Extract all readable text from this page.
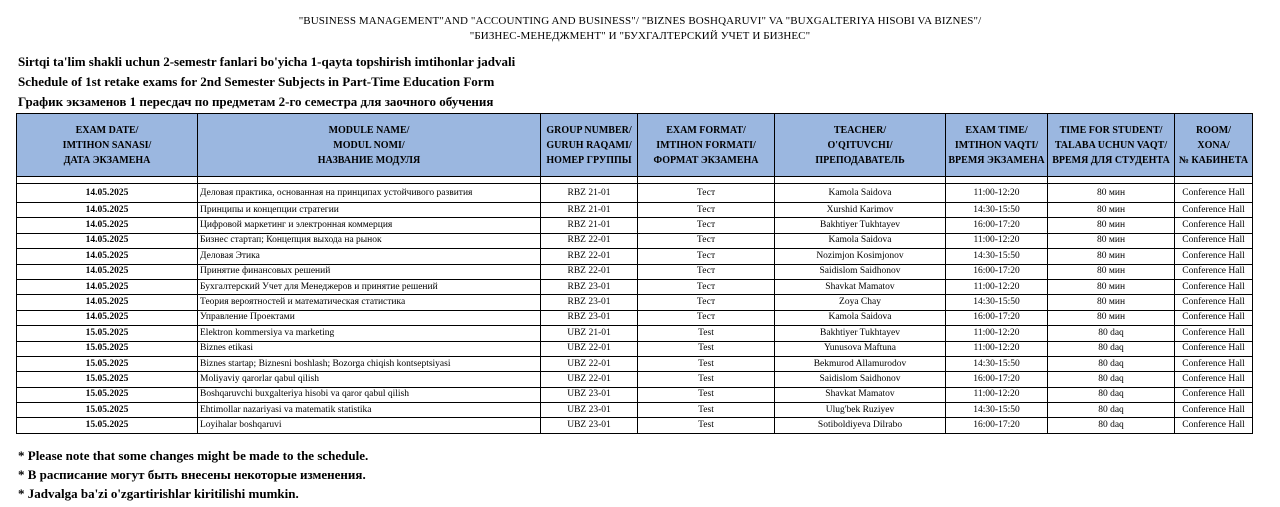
"BUSINESS MANAGEMENT"AND "ACCOUNTING AND BUSINESS"/ "BIZNES BOSHQARUVI" VA "BUXGALTERIYA HISOBI VA BIZNES"/
"БИЗНЕС-МЕНЕДЖМЕНТ" И "БУХГАЛТЕРСКИЙ УЧЕТ И БИЗНЕС"
Sirtqi ta'lim shakli uchun 2-semestr fanlari bo'yicha 1-qayta topshirish imtihonlar jadvali
Schedule of 1st retake exams for 2nd Semester Subjects in Part-Time Education Form
График экзаменов 1 пересдач по предметам 2-го семестра для заочного обучения
EXAM DATE/
IMTIHON SANASI/
ДАТА ЭКЗАМЕНА	MODULE NAME/
MODUL NOMI/
НАЗВАНИЕ МОДУЛЯ	GROUP NUMBER/
GURUH RAQAMI/
НОМЕР ГРУППЫ	EXAM FORMAT/
IMTIHON FORMATI/
ФОРМАТ ЭКЗАМЕНА	TEACHER/
O'QITUVCHI/
ПРЕПОДАВАТЕЛЬ	EXAM TIME/
IMTIHON VAQTI/
ВРЕМЯ ЭКЗАМЕНА	TIME FOR STUDENT/
TALABA UCHUN VAQT/
ВРЕМЯ ДЛЯ СТУДЕНТА	ROOM/
XONA/
№ КАБИНЕТА

14.05.2025	Деловая практика, основанная на принципах устойчивого развития	RBZ 21-01	Тест	Kamola Saidova	11:00-12:20	80 мин	Conference Hall
14.05.2025	Принципы и концепции стратегии	RBZ 21-01	Тест	Xurshid Karimov	14:30-15:50	80 мин	Conference Hall
14.05.2025	Цифровой маркетинг и электронная коммерция	RBZ 21-01	Тест	Bakhtiyer Tukhtayev	16:00-17:20	80 мин	Conference Hall
14.05.2025	Бизнес стартап; Концепция выхода на рынок	RBZ 22-01	Тест	Kamola Saidova	11:00-12:20	80 мин	Conference Hall
14.05.2025	Деловая Этика	RBZ 22-01	Тест	Nozimjon Kosimjonov	14:30-15:50	80 мин	Conference Hall
14.05.2025	Принятие финансовых решений	RBZ 22-01	Тест	Saidislom Saidhonov	16:00-17:20	80 мин	Conference Hall
14.05.2025	Бухгалтерский Учет для Менеджеров и принятие решений	RBZ 23-01	Тест	Shavkat Mamatov	11:00-12:20	80 мин	Conference Hall
14.05.2025	Теория вероятностей и математическая статистика	RBZ 23-01	Тест	Zoya Chay	14:30-15:50	80 мин	Conference Hall
14.05.2025	Управление Проектами	RBZ 23-01	Тест	Kamola Saidova	16:00-17:20	80 мин	Conference Hall
15.05.2025	Elektron kommersiya va marketing	UBZ 21-01	Test	Bakhtiyer Tukhtayev	11:00-12:20	80 daq	Conference Hall
15.05.2025	Biznes etikasi	UBZ 22-01	Test	Yunusova Maftuna	11:00-12:20	80 daq	Conference Hall
15.05.2025	Biznes startap; Biznesni boshlash; Bozorga chiqish kontseptsiyasi	UBZ 22-01	Test	Bekmurod Allamurodov	14:30-15:50	80 daq	Conference Hall
15.05.2025	Moliyaviy qarorlar qabul qilish	UBZ 22-01	Test	Saidislom Saidhonov	16:00-17:20	80 daq	Conference Hall
15.05.2025	Boshqaruvchi buxgalteriya hisobi va qaror qabul qilish	UBZ 23-01	Test	Shavkat Mamatov	11:00-12:20	80 daq	Conference Hall
15.05.2025	Ehtimollar nazariyasi va matematik statistika	UBZ 23-01	Test	Ulug'bek Ruziyev	14:30-15:50	80 daq	Conference Hall
15.05.2025	Loyihalar boshqaruvi	UBZ 23-01	Test	Sotiboldiyeva Dilrabo	16:00-17:20	80 daq	Conference Hall
* Please note that some changes might be made to the schedule.
* В расписание могут быть внесены некоторые изменения.
* Jadvalga ba'zi o'zgartirishlar kiritilishi mumkin.
